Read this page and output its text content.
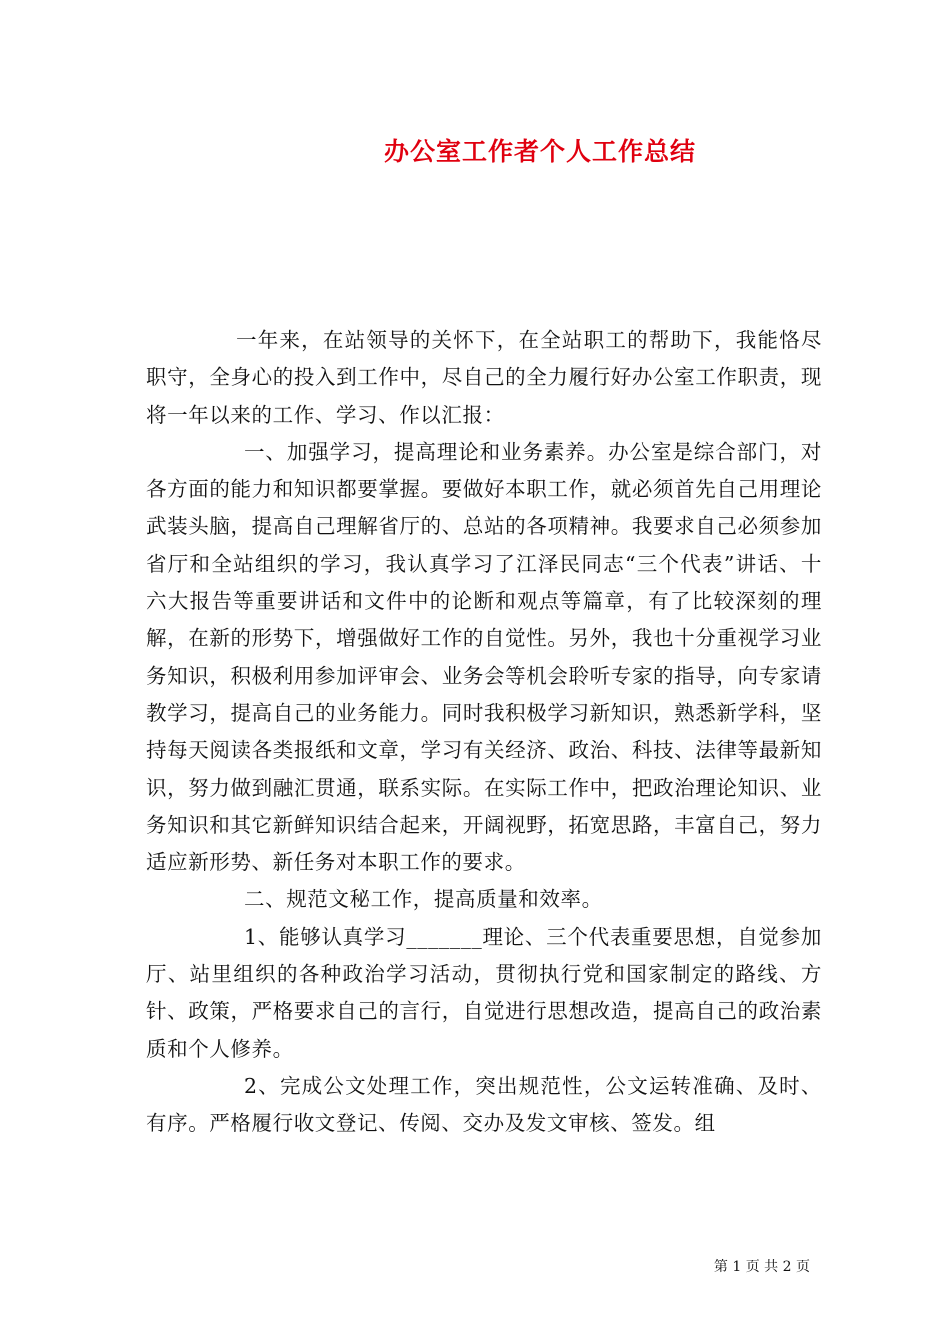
办公室工作者个人工作总结

一年来，在站领导的关怀下，在全站职工的帮助下，我能恪尽职守，全身心的投入到工作中，尽自己的全力履行好办公室工作职责，现将一年以来的工作、学习、作以汇报：

一、加强学习，提高理论和业务素养。办公室是综合部门，对各方面的能力和知识都要掌握。要做好本职工作，就必须首先自己用理论武装头脑，提高自己理解省厅的、总站的各项精神。我要求自己必须参加省厅和全站组织的学习，我认真学习了江泽民同志“三个代表”讲话、十六大报告等重要讲话和文件中的论断和观点等篇章，有了比较深刻的理解，在新的形势下，增强做好工作的自觉性。另外，我也十分重视学习业务知识，积极利用参加评审会、业务会等机会聆听专家的指导，向专家请教学习，提高自己的业务能力。同时我积极学习新知识，熟悉新学科，坚持每天阅读各类报纸和文章，学习有关经济、政治、科技、法律等最新知识，努力做到融汇贯通，联系实际。在实际工作中，把政治理论知识、业务知识和其它新鲜知识结合起来，开阔视野，拓宽思路，丰富自己，努力适应新形势、新任务对本职工作的要求。

二、规范文秘工作，提高质量和效率。

1、能够认真学习_______理论、三个代表重要思想，自觉参加厅、站里组织的各种政治学习活动，贯彻执行党和国家制定的路线、方针、政策，严格要求自己的言行，自觉进行思想改造，提高自己的政治素质和个人修养。

2、完成公文处理工作，突出规范性，公文运转准确、及时、有序。严格履行收文登记、传阅、交办及发文审核、签发。组

第 1 页 共 2 页
